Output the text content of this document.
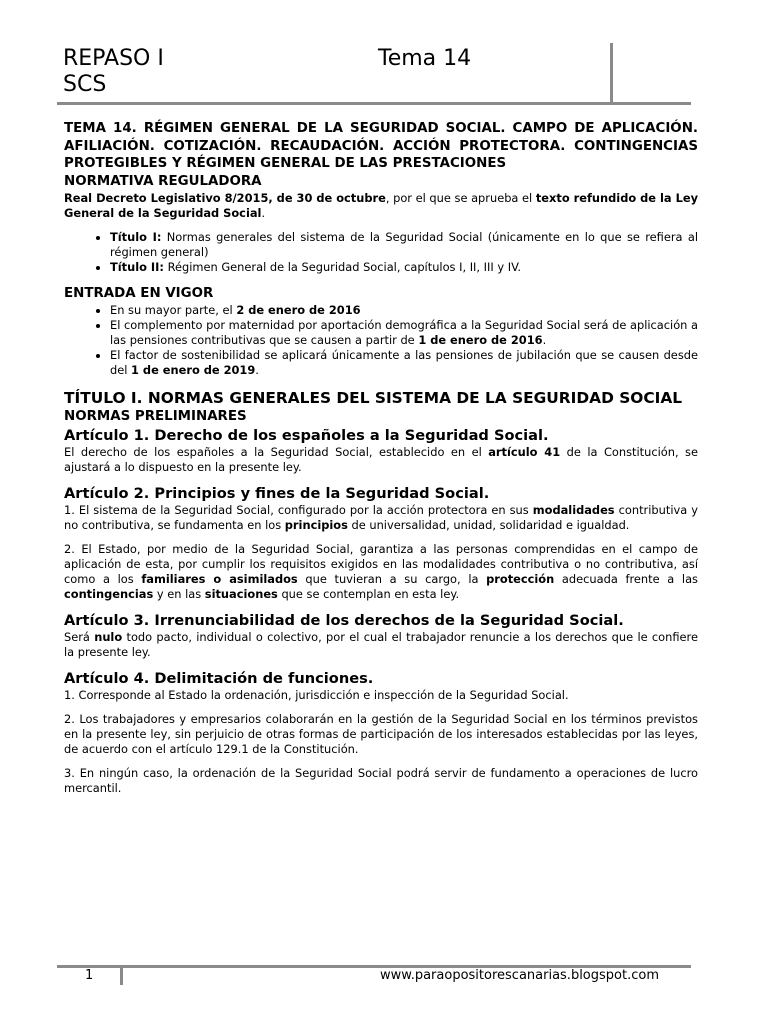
REPASO I
SCS
Tema 14

TEMA 14. RÉGIMEN GENERAL DE LA SEGURIDAD SOCIAL. CAMPO DE APLICACIÓN. AFILIACIÓN. COTIZACIÓN. RECAUDACIÓN. ACCIÓN PROTECTORA. CONTINGENCIAS PROTEGIBLES Y RÉGIMEN GENERAL DE LAS PRESTACIONES

NORMATIVA REGULADORA

Real Decreto Legislativo 8/2015, de 30 de octubre, por el que se aprueba el texto refundido de la Ley General de la Seguridad Social.

• Título I: Normas generales del sistema de la Seguridad Social (únicamente en lo que se refiera al régimen general)
• Título II: Régimen General de la Seguridad Social, capítulos I, II, III y IV.

ENTRADA EN VIGOR

• En su mayor parte, el 2 de enero de 2016
• El complemento por maternidad por aportación demográfica a la Seguridad Social será de aplicación a las pensiones contributivas que se causen a partir de 1 de enero de 2016.
• El factor de sostenibilidad se aplicará únicamente a las pensiones de jubilación que se causen desde del 1 de enero de 2019.

TÍTULO I. NORMAS GENERALES DEL SISTEMA DE LA SEGURIDAD SOCIAL

NORMAS PRELIMINARES

Artículo 1. Derecho de los españoles a la Seguridad Social.

El derecho de los españoles a la Seguridad Social, establecido en el artículo 41 de la Constitución, se ajustará a lo dispuesto en la presente ley.

Artículo 2. Principios y fines de la Seguridad Social.

1. El sistema de la Seguridad Social, configurado por la acción protectora en sus modalidades contributiva y no contributiva, se fundamenta en los principios de universalidad, unidad, solidaridad e igualdad.

2. El Estado, por medio de la Seguridad Social, garantiza a las personas comprendidas en el campo de aplicación de esta, por cumplir los requisitos exigidos en las modalidades contributiva o no contributiva, así como a los familiares o asimilados que tuvieran a su cargo, la protección adecuada frente a las contingencias y en las situaciones que se contemplan en esta ley.

Artículo 3. Irrenunciabilidad de los derechos de la Seguridad Social.

Será nulo todo pacto, individual o colectivo, por el cual el trabajador renuncie a los derechos que le confiere la presente ley.

Artículo 4. Delimitación de funciones.

1. Corresponde al Estado la ordenación, jurisdicción e inspección de la Seguridad Social.

2. Los trabajadores y empresarios colaborarán en la gestión de la Seguridad Social en los términos previstos en la presente ley, sin perjuicio de otras formas de participación de los interesados establecidas por las leyes, de acuerdo con el artículo 129.1 de la Constitución.

3. En ningún caso, la ordenación de la Seguridad Social podrá servir de fundamento a operaciones de lucro mercantil.

1	www.paraopositorescanarias.blogspot.com
